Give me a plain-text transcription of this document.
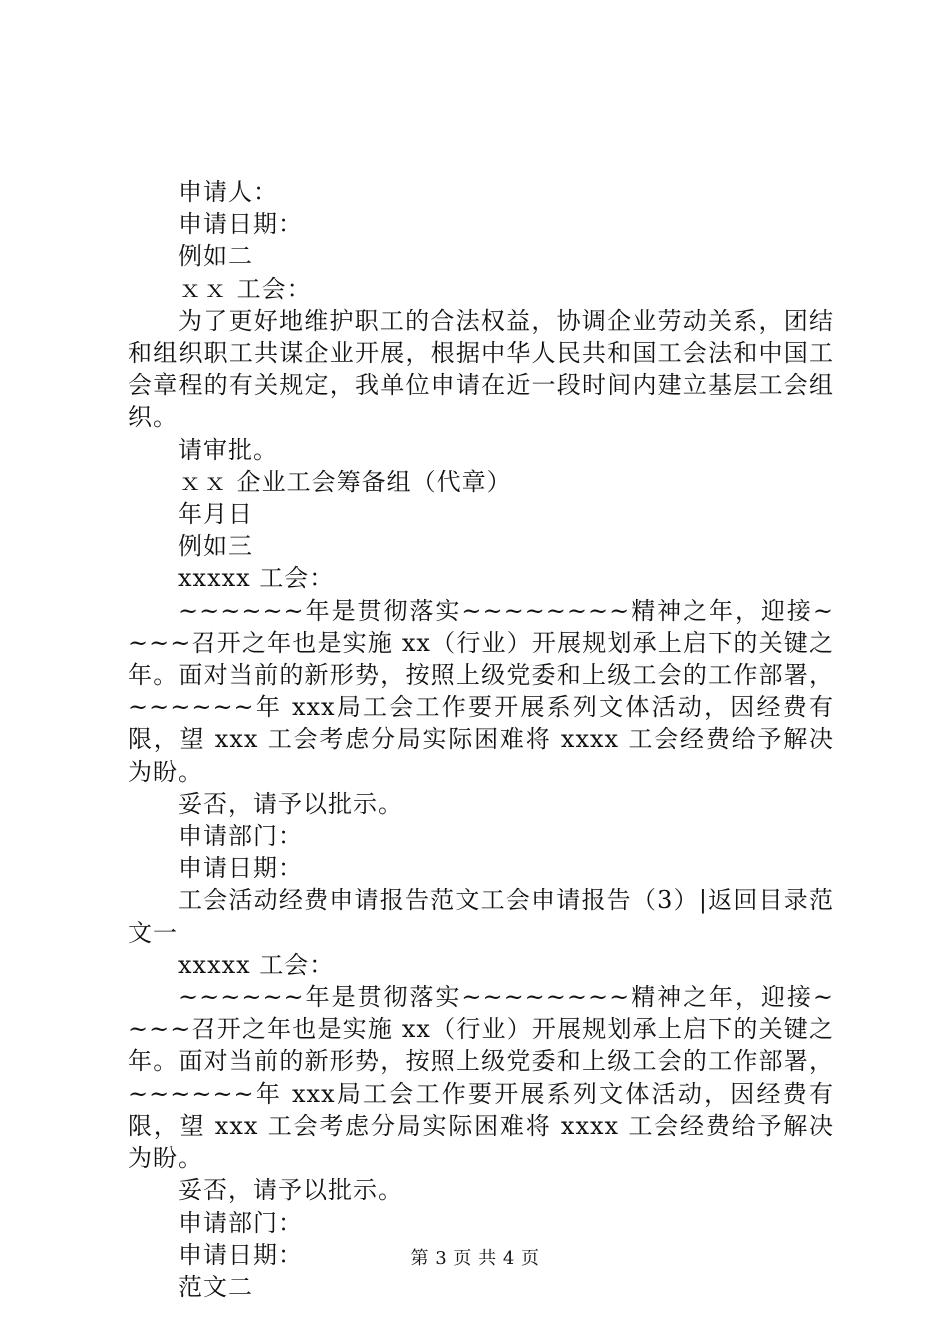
申请人：
申请日期：
例如二
ｘｘ 工会：
为了更好地维护职工的合法权益，协调企业劳动关系，团结和组织职工共谋企业开展，根据中华人民共和国工会法和中国工会章程的有关规定，我单位申请在近一段时间内建立基层工会组织。
请审批。
ｘｘ 企业工会筹备组（代章）
年月日
例如三
xxxxx 工会：
~~~~~~年是贯彻落实~~~~~~~~精神之年，迎接~~~~召开之年也是实施 xx（行业）开展规划承上启下的关键之年。面对当前的新形势，按照上级党委和上级工会的工作部署，~~~~~~年 xxx局工会工作要开展系列文体活动，因经费有限，望 xxx 工会考虑分局实际困难将 xxxx 工会经费给予解决为盼。
妥否，请予以批示。
申请部门：
申请日期：
工会活动经费申请报告范文工会申请报告（3）|返回目录范文一
xxxxx 工会：
~~~~~~年是贯彻落实~~~~~~~~精神之年，迎接~~~~召开之年也是实施 xx（行业）开展规划承上启下的关键之年。面对当前的新形势，按照上级党委和上级工会的工作部署，~~~~~~年 xxx局工会工作要开展系列文体活动，因经费有限，望 xxx 工会考虑分局实际困难将 xxxx 工会经费给予解决为盼。
妥否，请予以批示。
申请部门：
申请日期：
范文二
第 3 页 共 4 页
